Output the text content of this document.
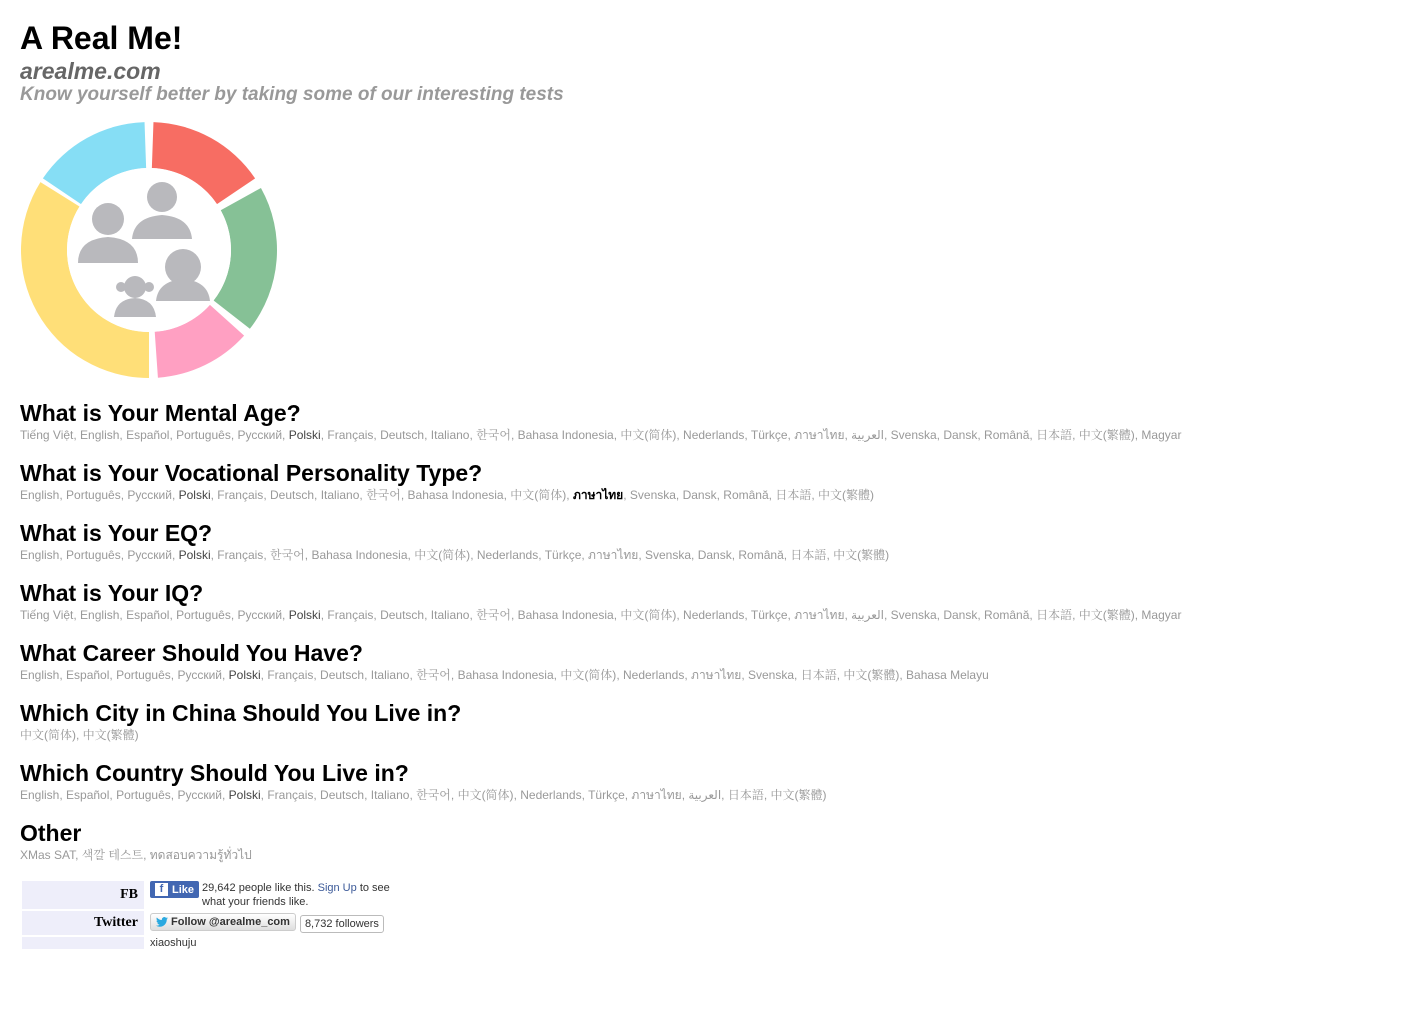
A Real Me!
arealme.com
Know yourself better by taking some of our interesting tests
What is Your Mental Age?
Tiếng Việt, English, Español, Português, Русский, Polski, Français, Deutsch, Italiano, 한국어, Bahasa Indonesia, 中文(简体), Nederlands, Türkçe, ภาษาไทย, العربية, Svenska, Dansk, Română, 日本語, 中文(繁體), Magyar
What is Your Vocational Personality Type?
English, Português, Русский, Polski, Français, Deutsch, Italiano, 한국어, Bahasa Indonesia, 中文(简体), ภาษาไทย, Svenska, Dansk, Română, 日本語, 中文(繁體)
What is Your EQ?
English, Português, Русский, Polski, Français, 한국어, Bahasa Indonesia, 中文(简体), Nederlands, Türkçe, ภาษาไทย, Svenska, Dansk, Română, 日本語, 中文(繁體)
What is Your IQ?
Tiếng Việt, English, Español, Português, Русский, Polski, Français, Deutsch, Italiano, 한국어, Bahasa Indonesia, 中文(简体), Nederlands, Türkçe, ภาษาไทย, العربية, Svenska, Dansk, Română, 日本語, 中文(繁體), Magyar
What Career Should You Have?
English, Español, Português, Русский, Polski, Français, Deutsch, Italiano, 한국어, Bahasa Indonesia, 中文(简体), Nederlands, ภาษาไทย, Svenska, 日本語, 中文(繁體), Bahasa Melayu
Which City in China Should You Live in?
中文(简体), 中文(繁體)
Which Country Should You Live in?
English, Español, Português, Русский, Polski, Français, Deutsch, Italiano, 한국어, 中文(简体), Nederlands, Türkçe, ภาษาไทย, العربية, 日本語, 中文(繁體)
Other
XMas SAT, 색깔 테스트, ทดสอบความรู้ทั่วไป
FB	f Like 29,642 people like this. Sign Up to see
what your friends like.
Twitter	Follow @arealme_com 8,732 followers
	xiaoshuju
